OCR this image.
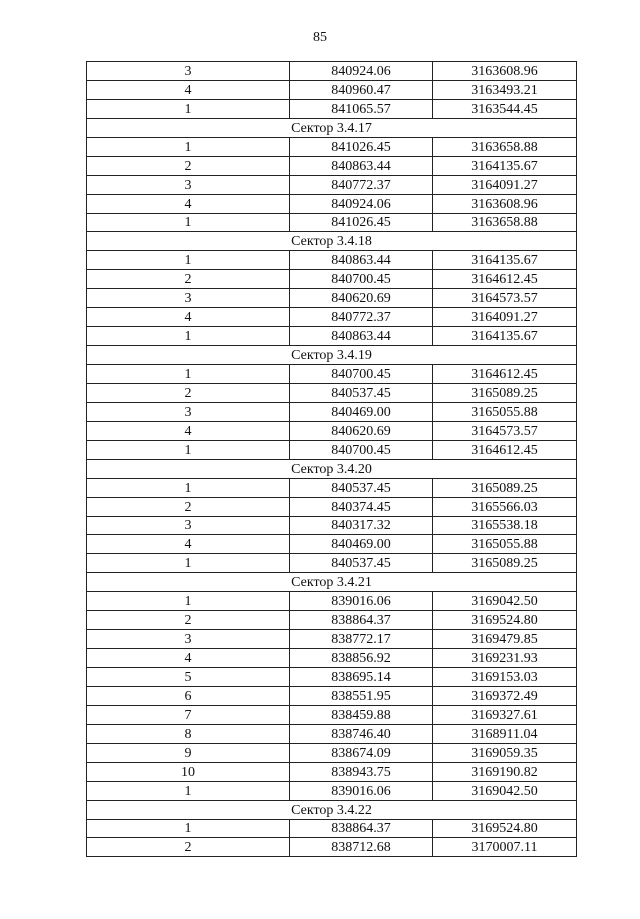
85
3	840924.06	3163608.96
4	840960.47	3163493.21
1	841065.57	3163544.45
Сектор 3.4.17		
1	841026.45	3163658.88
2	840863.44	3164135.67
3	840772.37	3164091.27
4	840924.06	3163608.96
1	841026.45	3163658.88
Сектор 3.4.18		
1	840863.44	3164135.67
2	840700.45	3164612.45
3	840620.69	3164573.57
4	840772.37	3164091.27
1	840863.44	3164135.67
Сектор 3.4.19		
1	840700.45	3164612.45
2	840537.45	3165089.25
3	840469.00	3165055.88
4	840620.69	3164573.57
1	840700.45	3164612.45
Сектор 3.4.20		
1	840537.45	3165089.25
2	840374.45	3165566.03
3	840317.32	3165538.18
4	840469.00	3165055.88
1	840537.45	3165089.25
Сектор 3.4.21		
1	839016.06	3169042.50
2	838864.37	3169524.80
3	838772.17	3169479.85
4	838856.92	3169231.93
5	838695.14	3169153.03
6	838551.95	3169372.49
7	838459.88	3169327.61
8	838746.40	3168911.04
9	838674.09	3169059.35
10	838943.75	3169190.82
1	839016.06	3169042.50
Сектор 3.4.22		
1	838864.37	3169524.80
2	838712.68	3170007.11
